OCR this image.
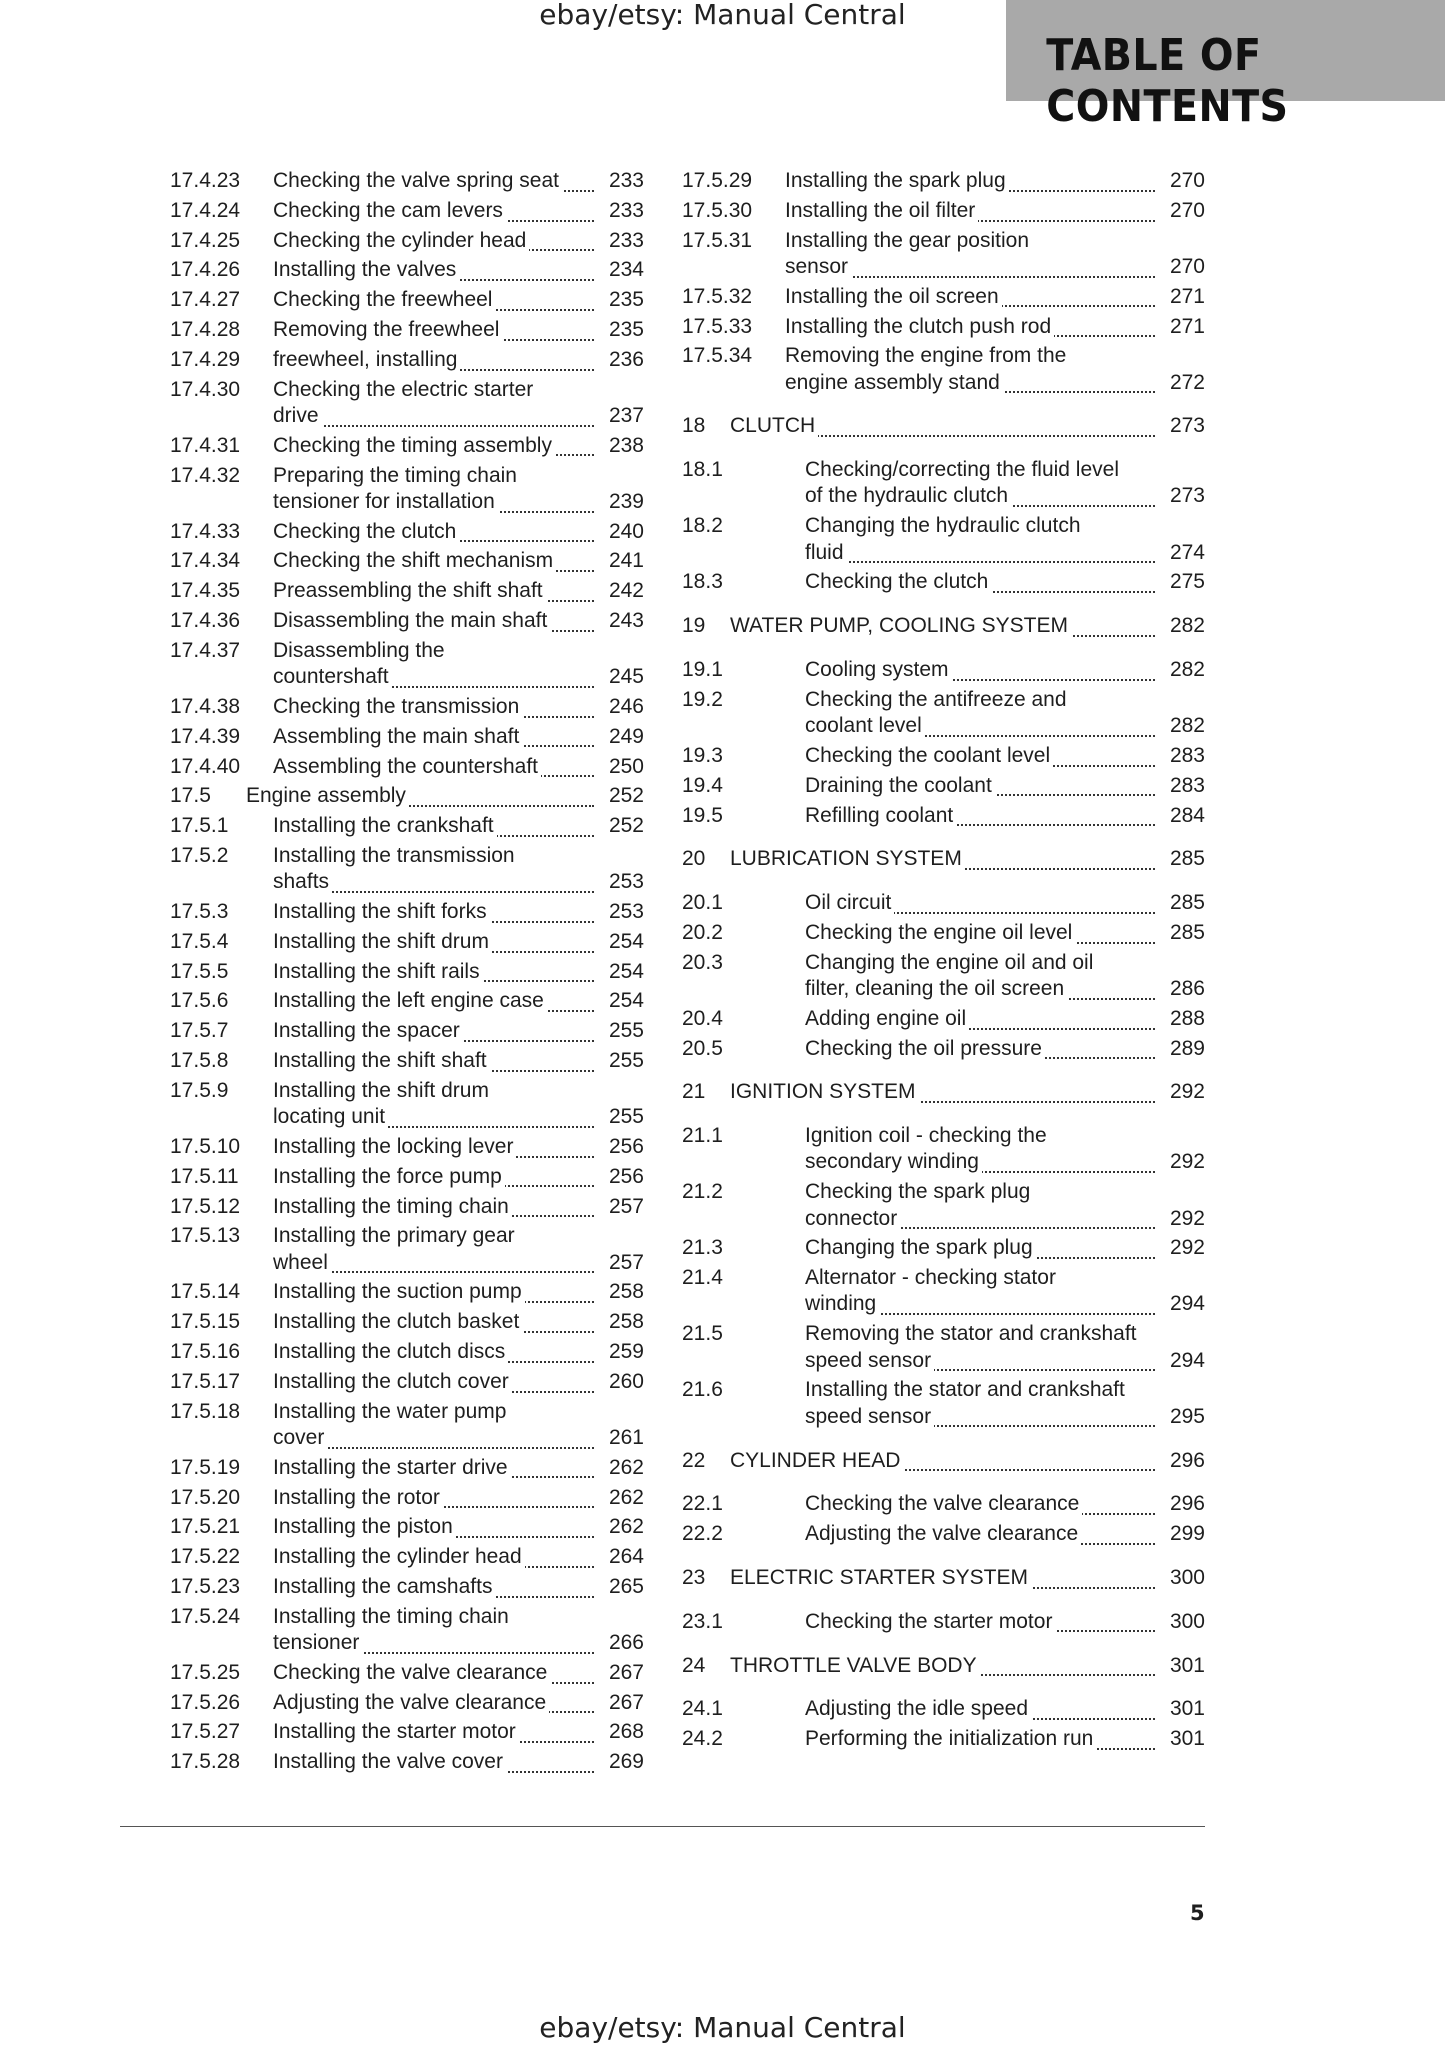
ebay/etsy: Manual Central
TABLE OF CONTENTS
17.4.23 Checking the valve spring seat	233
17.4.24 Checking the cam levers	233
17.4.25 Checking the cylinder head	233
17.4.26 Installing the valves	234
17.4.27 Checking the freewheel	235
17.4.28 Removing the freewheel	235
17.4.29 freewheel, installing	236
17.4.30 Checking the electric starter
drive	237
17.4.31 Checking the timing assembly	238
17.4.32 Preparing the timing chain
tensioner for installation	239
17.4.33 Checking the clutch	240
17.4.34 Checking the shift mechanism	241
17.4.35 Preassembling the shift shaft	242
17.4.36 Disassembling the main shaft	243
17.4.37 Disassembling the
countershaft	245
17.4.38 Checking the transmission	246
17.4.39 Assembling the main shaft	249
17.4.40 Assembling the countershaft	250
17.5 Engine assembly	252
17.5.1 Installing the crankshaft	252
17.5.2 Installing the transmission
shafts	253
17.5.3 Installing the shift forks	253
17.5.4 Installing the shift drum	254
17.5.5 Installing the shift rails	254
17.5.6 Installing the left engine case	254
17.5.7 Installing the spacer	255
17.5.8 Installing the shift shaft	255
17.5.9 Installing the shift drum
locating unit	255
17.5.10 Installing the locking lever	256
17.5.11 Installing the force pump	256
17.5.12 Installing the timing chain	257
17.5.13 Installing the primary gear
wheel	257
17.5.14 Installing the suction pump	258
17.5.15 Installing the clutch basket	258
17.5.16 Installing the clutch discs	259
17.5.17 Installing the clutch cover	260
17.5.18 Installing the water pump
cover	261
17.5.19 Installing the starter drive	262
17.5.20 Installing the rotor	262
17.5.21 Installing the piston	262
17.5.22 Installing the cylinder head	264
17.5.23 Installing the camshafts	265
17.5.24 Installing the timing chain
tensioner	266
17.5.25 Checking the valve clearance	267
17.5.26 Adjusting the valve clearance	267
17.5.27 Installing the starter motor	268
17.5.28 Installing the valve cover	269
17.5.29 Installing the spark plug	270
17.5.30 Installing the oil filter	270
17.5.31 Installing the gear position
sensor	270
17.5.32 Installing the oil screen	271
17.5.33 Installing the clutch push rod	271
17.5.34 Removing the engine from the
engine assembly stand	272
18 CLUTCH	273
18.1	Checking/correcting the fluid level
of the hydraulic clutch	273
18.2	Changing the hydraulic clutch
fluid	274
18.3	Checking the clutch	275
19 WATER PUMP, COOLING SYSTEM	282
19.1	Cooling system	282
19.2	Checking the antifreeze and
coolant level	282
19.3	Checking the coolant level	283
19.4	Draining the coolant	283
19.5	Refilling coolant	284
20 LUBRICATION SYSTEM	285
20.1	Oil circuit	285
20.2	Checking the engine oil level	285
20.3	Changing the engine oil and oil
filter, cleaning the oil screen	286
20.4	Adding engine oil	288
20.5	Checking the oil pressure	289
21 IGNITION SYSTEM	292
21.1	Ignition coil - checking the
secondary winding	292
21.2	Checking the spark plug
connector	292
21.3	Changing the spark plug	292
21.4	Alternator - checking stator
winding	294
21.5	Removing the stator and crankshaft
speed sensor	294
21.6	Installing the stator and crankshaft
speed sensor	295
22 CYLINDER HEAD	296
22.1	Checking the valve clearance	296
22.2	Adjusting the valve clearance	299
23 ELECTRIC STARTER SYSTEM	300
23.1	Checking the starter motor	300
24 THROTTLE VALVE BODY	301
24.1	Adjusting the idle speed	301
24.2	Performing the initialization run	301
5
ebay/etsy: Manual Central
